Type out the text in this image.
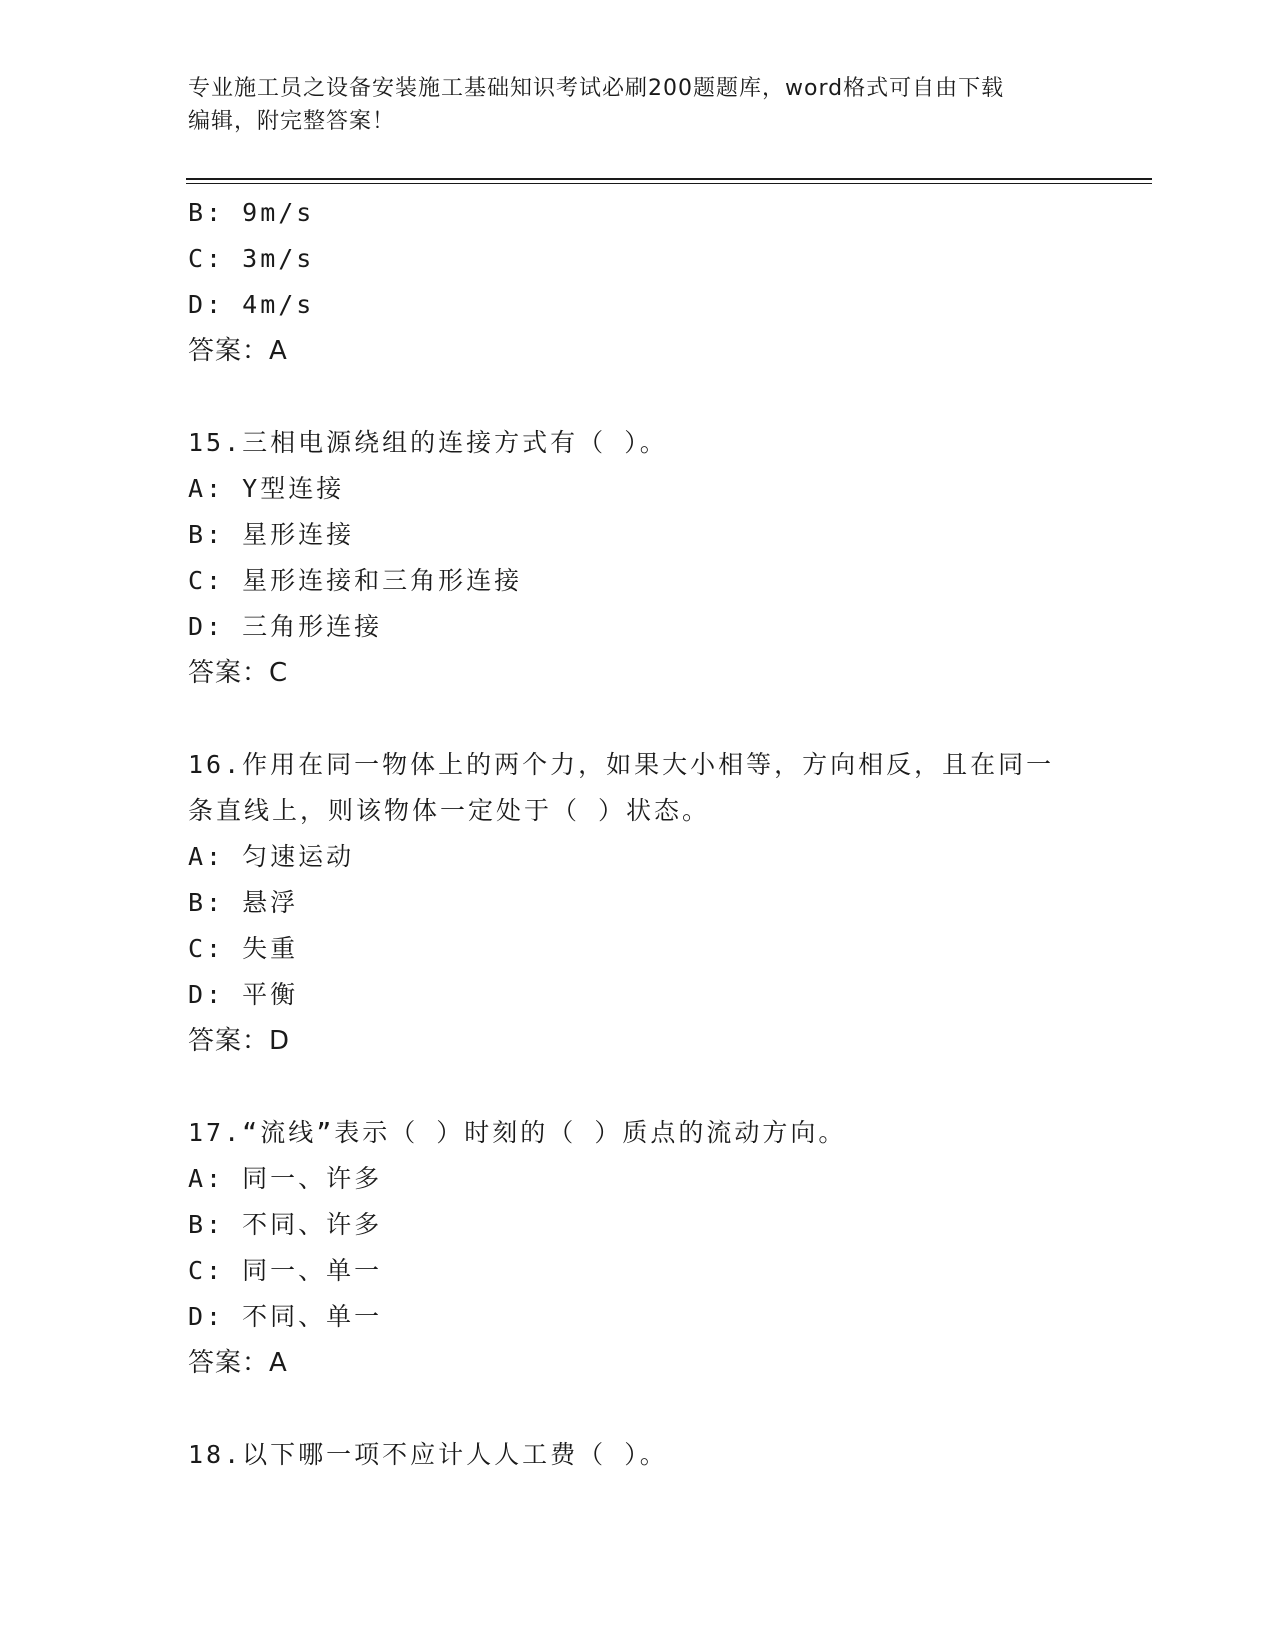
专业施工员之设备安装施工基础知识考试必刷200题题库，word格式可自由下载
编辑，附完整答案！
B: 9m/s
C: 3m/s
D: 4m/s
答案：A
15.三相电源绕组的连接方式有（ ）。
A: Y型连接
B: 星形连接
C: 星形连接和三角形连接
D: 三角形连接
答案：C
16.作用在同一物体上的两个力，如果大小相等，方向相反，且在同一
条直线上，则该物体一定处于（ ）状态。
A: 匀速运动
B: 悬浮
C: 失重
D: 平衡
答案：D
17.“流线”表示（ ）时刻的（ ）质点的流动方向。
A: 同一、许多
B: 不同、许多
C: 同一、单一
D: 不同、单一
答案：A
18.以下哪一项不应计人人工费（ ）。
